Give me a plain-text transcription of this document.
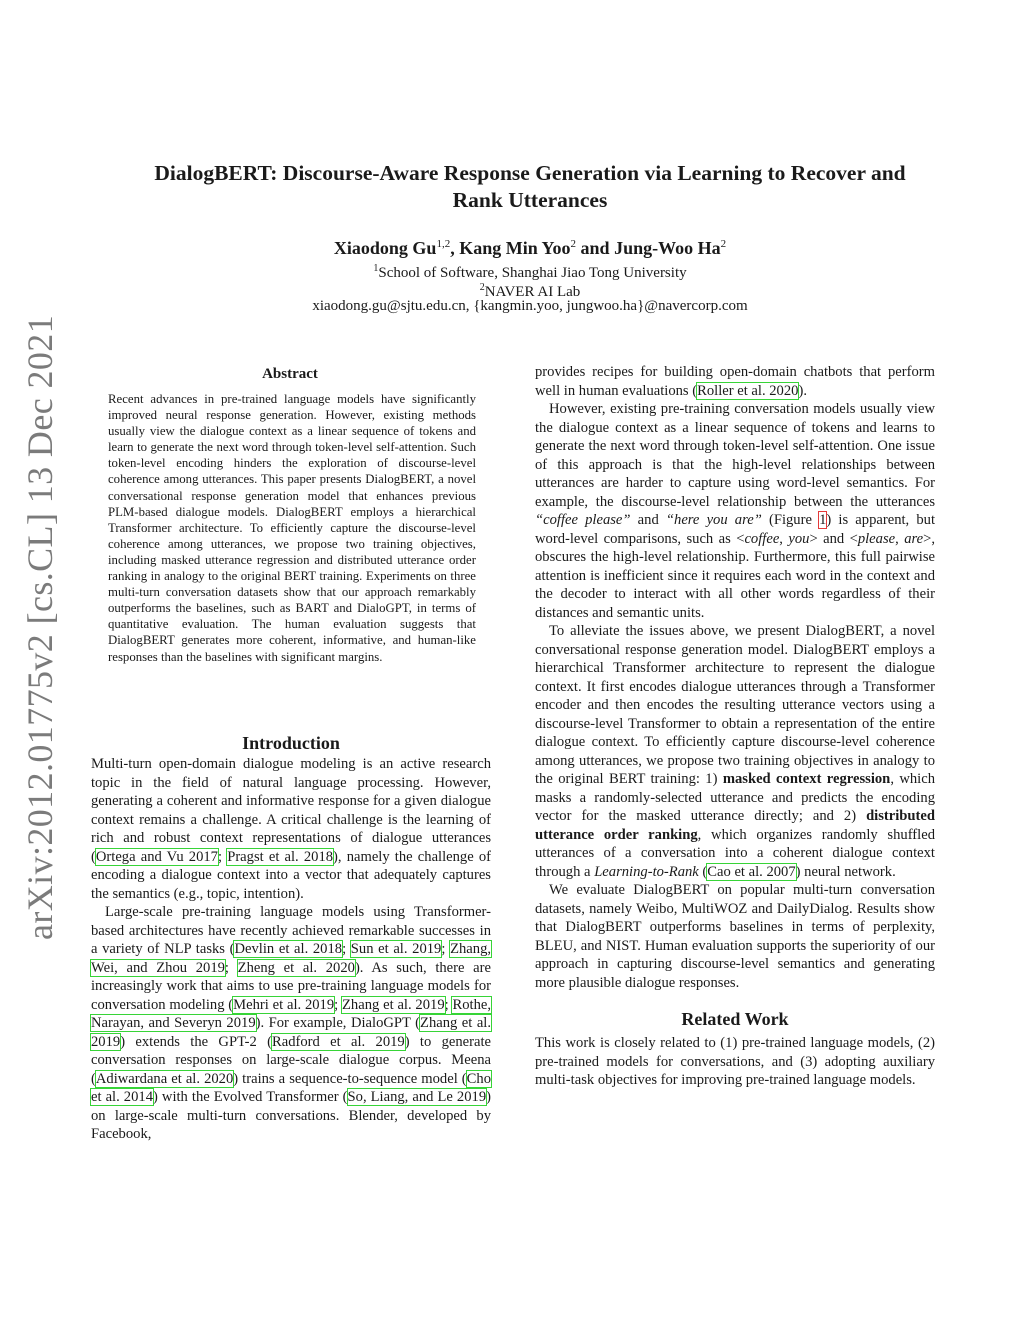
arXiv:2012.01775v2 [cs.CL] 13 Dec 2021
DialogBERT: Discourse-Aware Response Generation via Learning to Recover and
Rank Utterances
Xiaodong Gu$^{1,2}$, Kang Min Yoo$^2$ and Jung-Woo Ha$^2$
$^1$School of Software, Shanghai Jiao Tong University
$^2$NAVER AI Lab
xiaodong.gu@sjtu.edu.cn, {kangmin.yoo, jungwoo.ha}@navercorp.com
Abstract
Recent advances in pre-trained language models have significantly improved neural response generation. However, existing methods usually view the dialogue context as a linear sequence of tokens and learn to generate the next word through token-level self-attention. Such token-level encoding hinders the exploration of discourse-level coherence among utterances. This paper presents DialogBERT, a novel conversational response generation model that enhances previous PLM-based dialogue models. DialogBERT employs a hierarchical Transformer architecture. To efficiently capture the discourse-level coherence among utterances, we propose two training objectives, including masked utterance regression and distributed utterance order ranking in analogy to the original BERT training. Experiments on three multi-turn conversation datasets show that our approach remarkably outperforms the baselines, such as BART and DialoGPT, in terms of quantitative evaluation. The human evaluation suggests that DialogBERT generates more coherent, informative, and human-like responses than the baselines with significant margins.
Introduction

Multi-turn open-domain dialogue modeling is an active research topic in the field of natural language processing. However, generating a coherent and informative response for a given dialogue context remains a challenge. A critical challenge is the learning of rich and robust context representations of dialogue utterances (Ortega and Vu 2017; Pragst et al. 2018), namely the challenge of encoding a dialogue context into a vector that adequately captures the semantics (e.g., topic, intention).

Large-scale pre-training language models using Transformer-based architectures have recently achieved remarkable successes in a variety of NLP tasks (Devlin et al. 2018; Sun et al. 2019; Zhang, Wei, and Zhou 2019; Zheng et al. 2020). As such, there are increasingly work that aims to use pre-training language models for conversation modeling (Mehri et al. 2019; Zhang et al. 2019; Rothe, Narayan, and Severyn 2019). For example, DialoGPT (Zhang et al. 2019) extends the GPT-2 (Radford et al. 2019) to generate conversation responses on large-scale dialogue corpus. Meena (Adiwardana et al. 2020) trains a sequence-to-sequence model (Cho et al. 2014) with the Evolved Transformer (So, Liang, and Le 2019) on large-scale multi-turn conversations. Blender, developed by Facebook,

provides recipes for building open-domain chatbots that perform well in human evaluations (Roller et al. 2020).

However, existing pre-training conversation models usually view the dialogue context as a linear sequence of tokens and learns to generate the next word through token-level self-attention. One issue of this approach is that the high-level relationships between utterances are harder to capture using word-level semantics. For example, the discourse-level relationship between the utterances “coffee please” and “here you are” (Figure 1) is apparent, but word-level comparisons, such as <coffee, you> and <please, are>, obscures the high-level relationship. Furthermore, this full pairwise attention is inefficient since it requires each word in the context and the decoder to interact with all other words regardless of their distances and semantic units.

To alleviate the issues above, we present DialogBERT, a novel conversational response generation model. DialogBERT employs a hierarchical Transformer architecture to represent the dialogue context. It first encodes dialogue utterances through a Transformer encoder and then encodes the resulting utterance vectors using a discourse-level Transformer to obtain a representation of the entire dialogue context. To efficiently capture discourse-level coherence among utterances, we propose two training objectives in analogy to the original BERT training: 1) masked context regression, which masks a randomly-selected utterance and predicts the encoding vector for the masked utterance directly; and 2) distributed utterance order ranking, which organizes randomly shuffled utterances of a conversation into a coherent dialogue context through a Learning-to-Rank (Cao et al. 2007) neural network.

We evaluate DialogBERT on popular multi-turn conversation datasets, namely Weibo, MultiWOZ and DailyDialog. Results show that DialogBERT outperforms baselines in terms of perplexity, BLEU, and NIST. Human evaluation supports the superiority of our approach in capturing discourse-level semantics and generating more plausible dialogue responses.

Related Work

This work is closely related to (1) pre-trained language models, (2) pre-trained models for conversations, and (3) adopting auxiliary multi-task objectives for improving pre-trained language models.
